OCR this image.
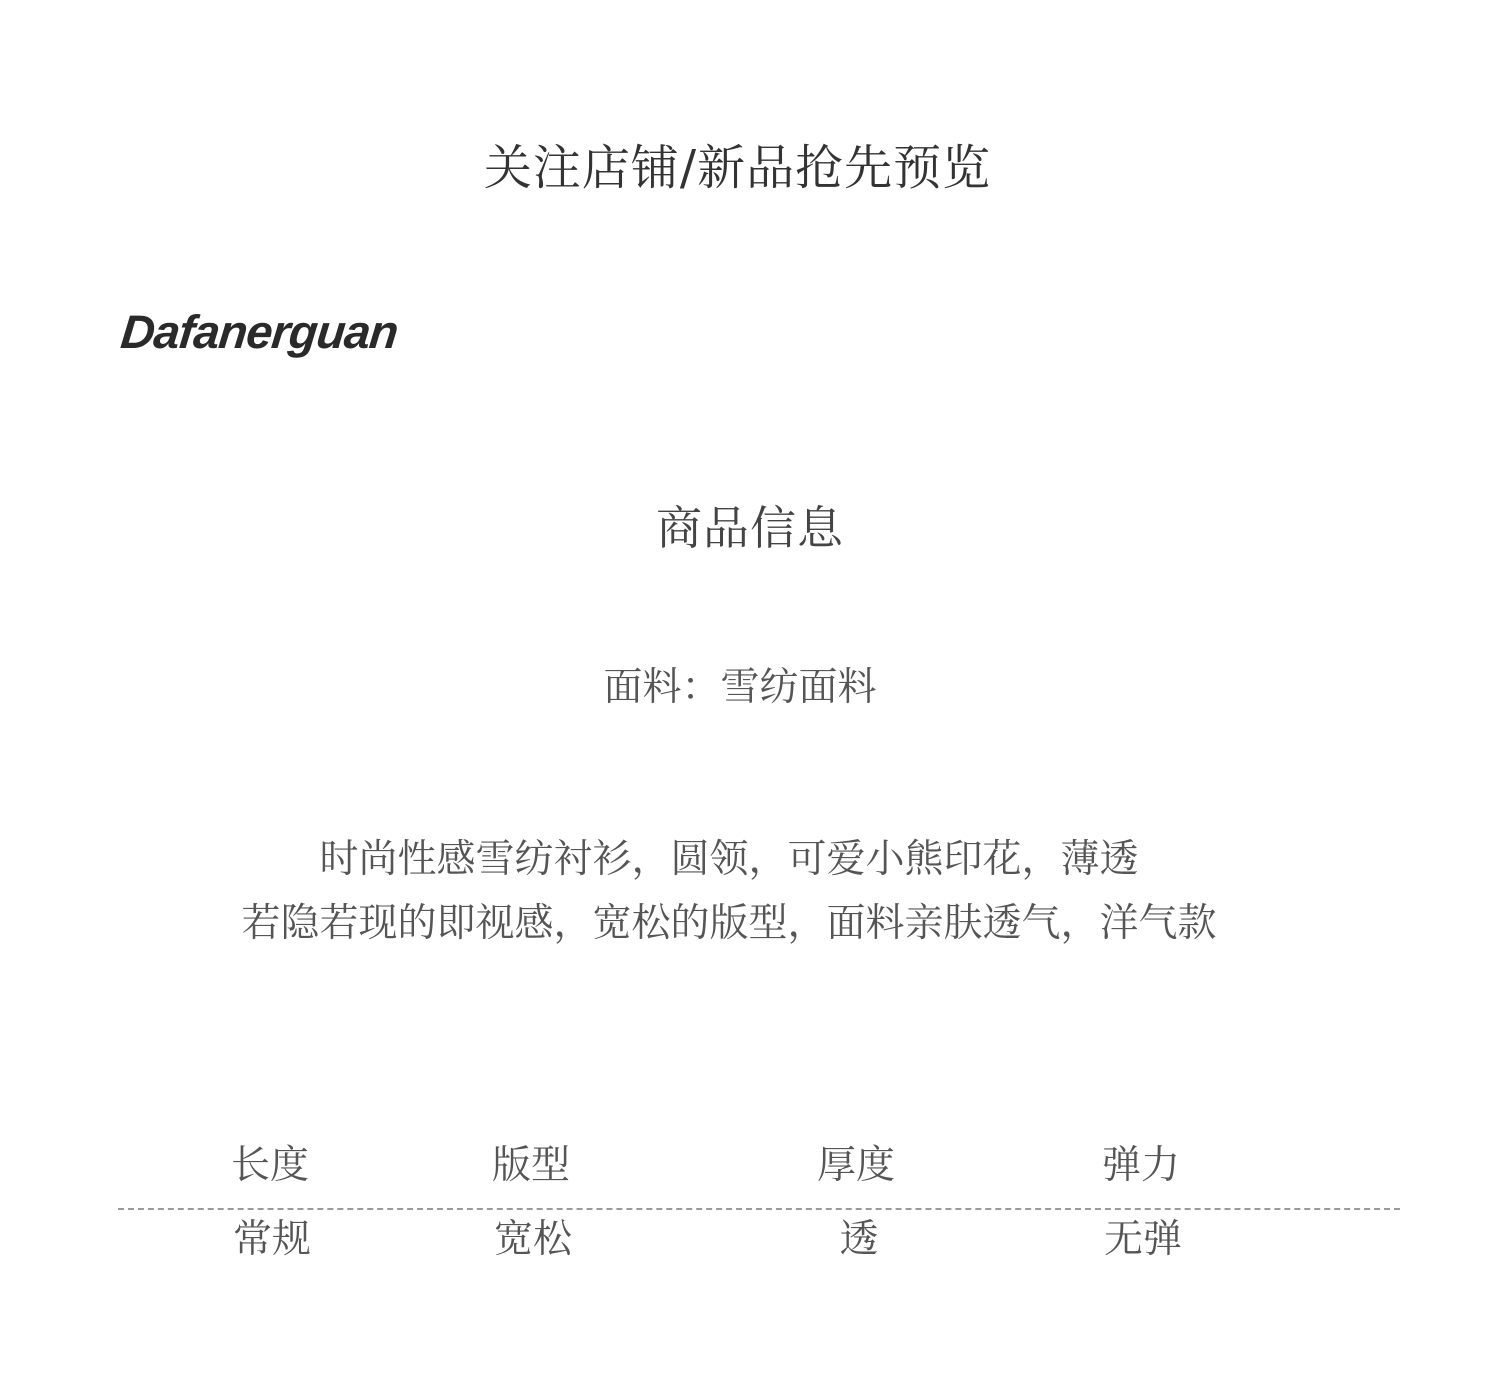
关注店铺/新品抢先预览
Dafanerguan
商品信息
面料：雪纺面料
时尚性感雪纺衬衫，圆领，可爱小熊印花，薄透
若隐若现的即视感，宽松的版型，面料亲肤透气，洋气款
长度	版型	厚度	弹力
常规	宽松	透	无弹
